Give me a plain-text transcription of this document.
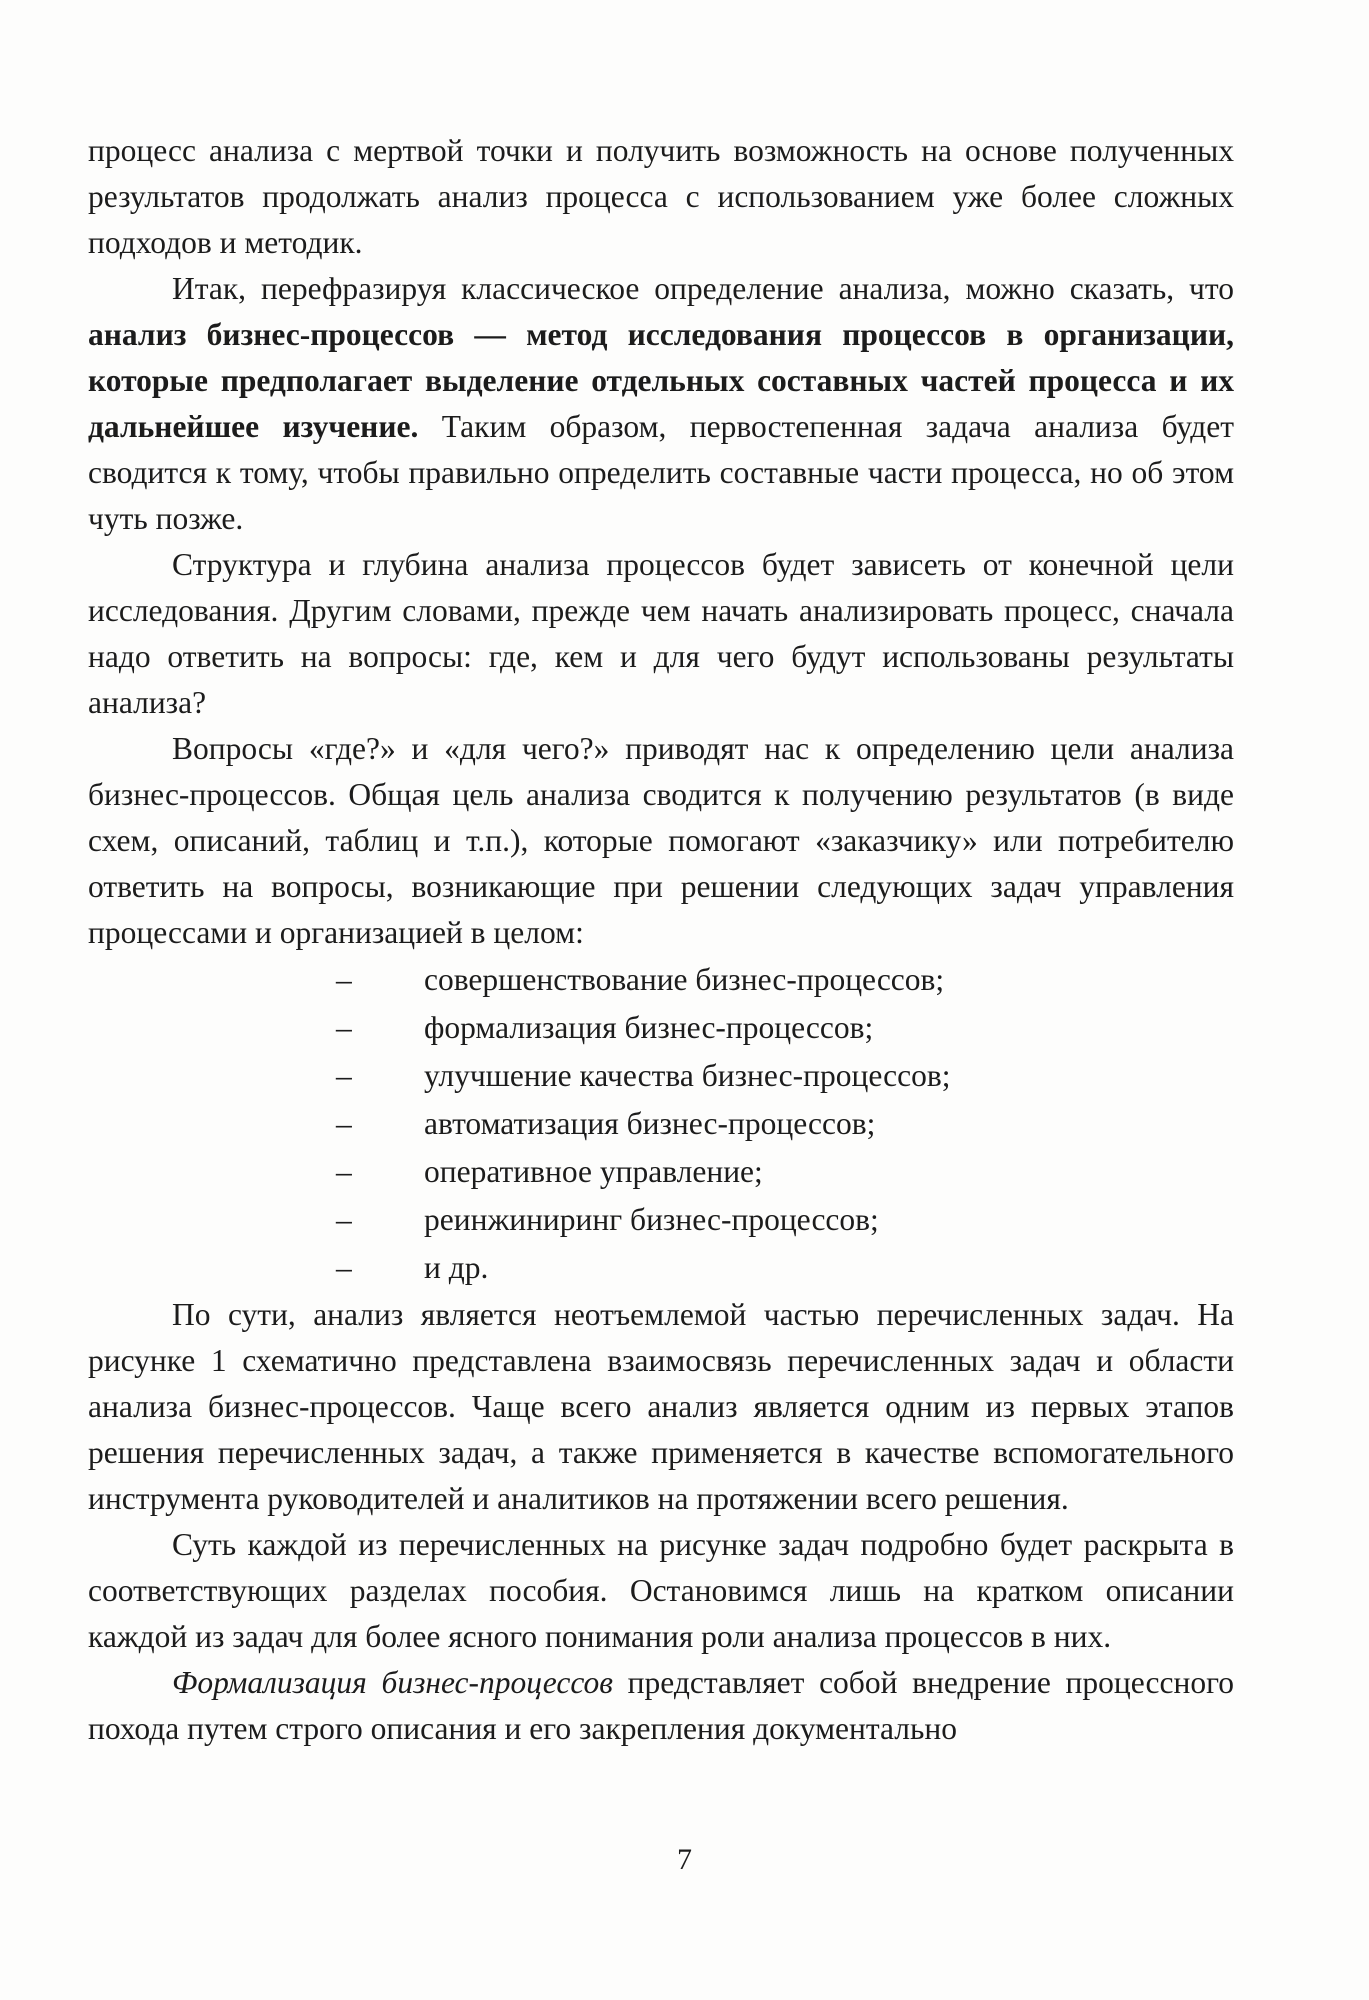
процесс анализа с мертвой точки и получить возможность на основе полученных результатов продолжать анализ процесса с использованием уже более сложных подходов и методик.

Итак, перефразируя классическое определение анализа, можно сказать, что анализ бизнес-процессов — метод исследования процессов в организации, которые предполагает выделение отдельных составных частей процесса и их дальнейшее изучение. Таким образом, первостепенная задача анализа будет сводится к тому, чтобы правильно определить составные части процесса, но об этом чуть позже.

Структура и глубина анализа процессов будет зависеть от конечной цели исследования. Другим словами, прежде чем начать анализировать процесс, сначала надо ответить на вопросы: где, кем и для чего будут использованы результаты анализа?

Вопросы «где?» и «для чего?» приводят нас к определению цели анализа бизнес-процессов. Общая цель анализа сводится к получению результатов (в виде схем, описаний, таблиц и т.п.), которые помогают «заказчику» или потребителю ответить на вопросы, возникающие при решении следующих задач управления процессами и организацией в целом:

– совершенствование бизнес-процессов;
– формализация бизнес-процессов;
– улучшение качества бизнес-процессов;
– автоматизация бизнес-процессов;
– оперативное управление;
– реинжиниринг бизнес-процессов;
– и др.

По сути, анализ является неотъемлемой частью перечисленных задач. На рисунке 1 схематично представлена взаимосвязь перечисленных задач и области анализа бизнес-процессов. Чаще всего анализ является одним из первых этапов решения перечисленных задач, а также применяется в качестве вспомогательного инструмента руководителей и аналитиков на протяжении всего решения.

Суть каждой из перечисленных на рисунке задач подробно будет раскрыта в соответствующих разделах пособия. Остановимся лишь на кратком описании каждой из задач для более ясного понимания роли анализа процессов в них.

Формализация бизнес-процессов представляет собой внедрение процессного похода путем строго описания и его закрепления документально

7
